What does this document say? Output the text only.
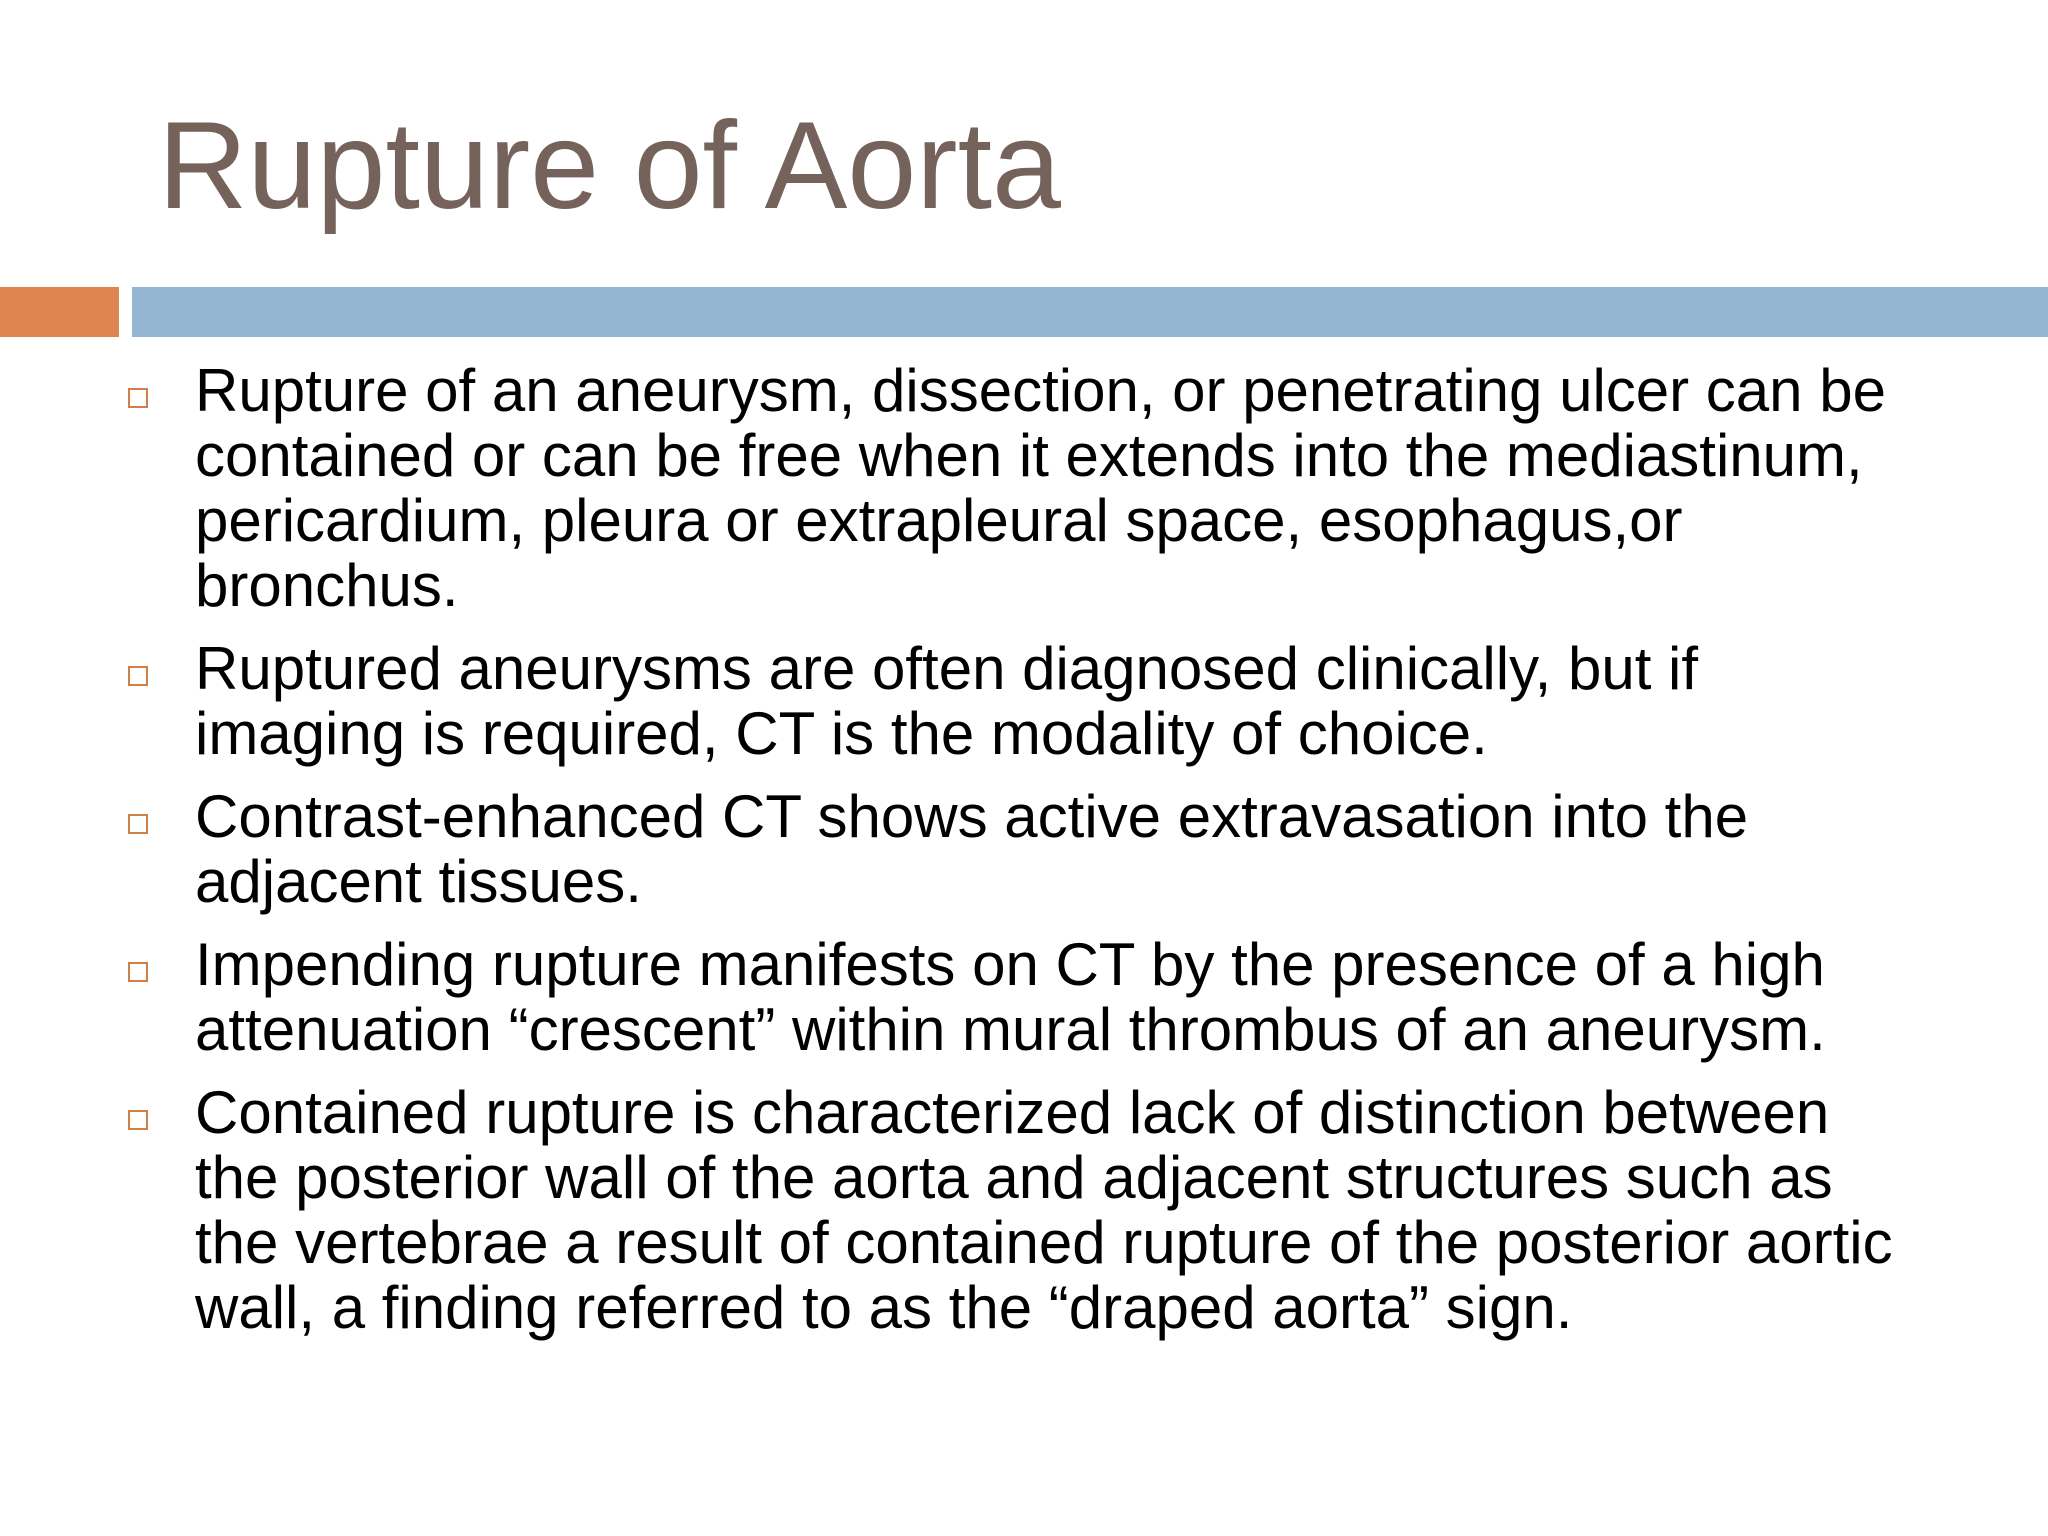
Rupture of Aorta
Rupture of an aneurysm, dissection, or penetrating ulcer can be contained or can be free when it extends into the mediastinum, pericardium, pleura or extrapleural space, esophagus,or bronchus.
Ruptured aneurysms are often diagnosed clinically, but if imaging is required, CT is the modality of choice.
Contrast-enhanced CT shows active extravasation into the adjacent tissues.
Impending rupture manifests on CT by the presence of a high attenuation “crescent” within mural thrombus of an aneurysm.
Contained rupture is characterized lack of distinction between the posterior wall of the aorta and adjacent structures such as the vertebrae a result of contained rupture of the posterior aortic wall, a finding referred to as the “draped aorta” sign.
